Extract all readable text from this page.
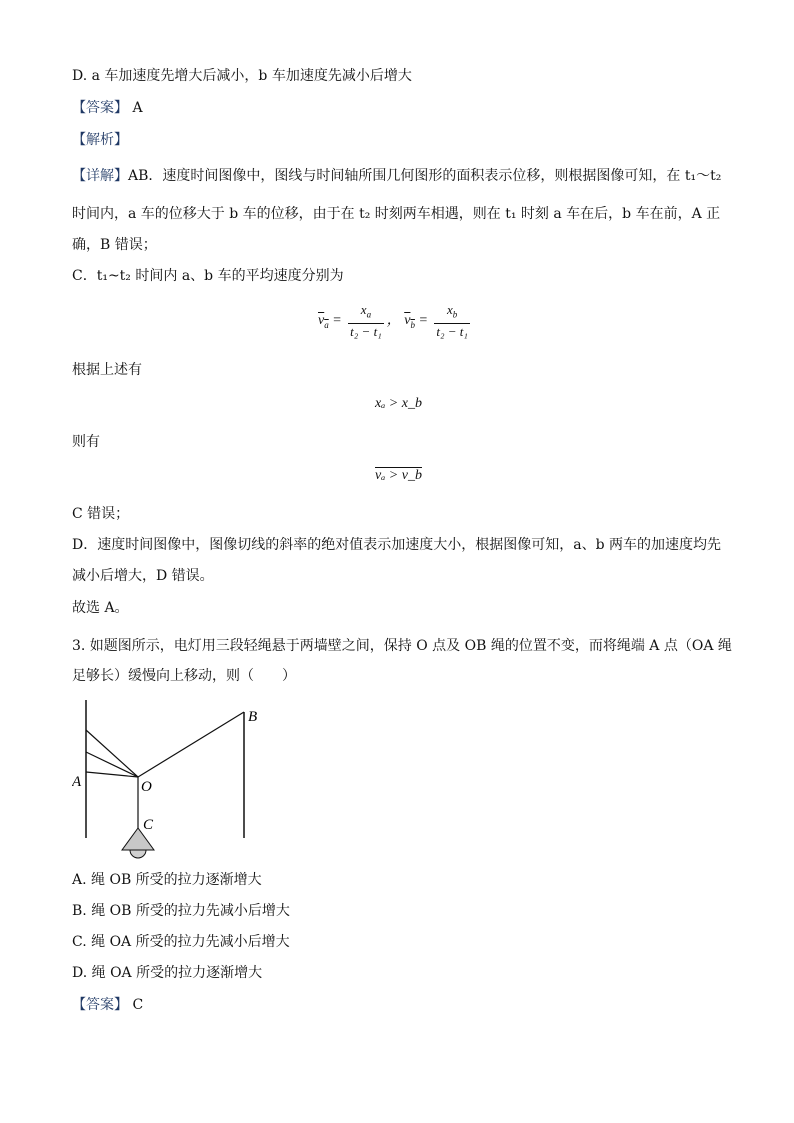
D. a 车加速度先增大后减小，b 车加速度先减小后增大
【答案】 A
【解析】
【详解】AB．速度时间图像中，图线与时间轴所围几何图形的面积表示位移，则根据图像可知，在 t₁～t₂
时间内，a 车的位移大于 b 车的位移，由于在 t₂ 时刻两车相遇，则在 t₁ 时刻 a 车在后，b 车在前，A 正
确，B 错误；
C．t₁~t₂ 时间内 a、b 车的平均速度分别为
$v_a = \frac{x_a}{\text{t₂ − t₁}}$ ， $v_b = \frac{x_b}{\text{t₂ − t₁}}$
根据上述有
xₐ > x_b
则有
vₐ > v_b
C 错误；
D．速度时间图像中，图像切线的斜率的绝对值表示加速度大小，根据图像可知，a、b 两车的加速度均先
减小后增大，D 错误。
故选 A。
3. 如题图所示，电灯用三段轻绳悬于两墙壁之间，保持 O 点及 OB 绳的位置不变，而将绳端 A 点（OA 绳
足够长）缓慢向上移动，则（　　）
A
B
O
C
A. 绳 OB 所受的拉力逐渐增大
B. 绳 OB 所受的拉力先减小后增大
C. 绳 OA 所受的拉力先减小后增大
D. 绳 OA 所受的拉力逐渐增大
【答案】 C
